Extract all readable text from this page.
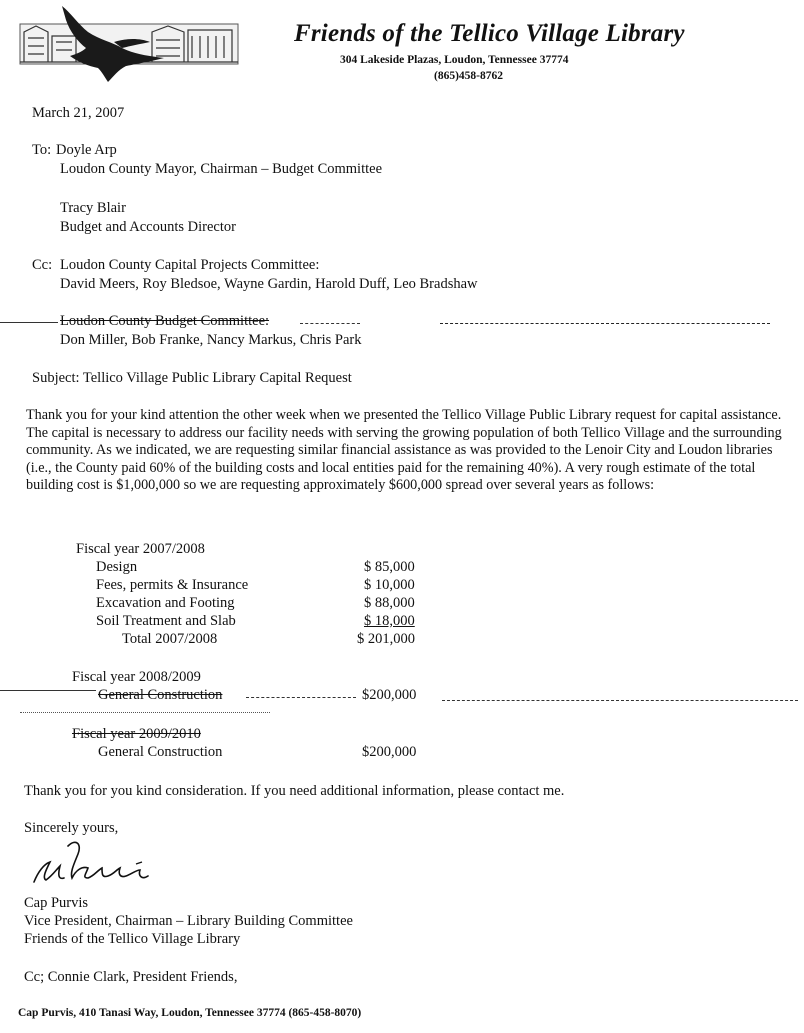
Friends of the Tellico Village Library
304 Lakeside Plazas, Loudon, Tennessee 37774
(865)458-8762
March 21, 2007
To: Doyle Arp
Loudon County Mayor, Chairman – Budget Committee
Tracy Blair
Budget and Accounts Director
Cc: Loudon County Capital Projects Committee:
David Meers, Roy Bledsoe, Wayne Gardin, Harold Duff, Leo Bradshaw
Loudon County Budget Committee:
Don Miller, Bob Franke, Nancy Markus, Chris Park
Subject: Tellico Village Public Library Capital Request
Thank you for your kind attention the other week when we presented the Tellico Village Public Library request for capital assistance. The capital is necessary to address our facility needs with serving the growing population of both Tellico Village and the surrounding community. As we indicated, we are requesting similar financial assistance as was provided to the Lenoir City and Loudon libraries (i.e., the County paid 60% of the building costs and local entities paid for the remaining 40%). A very rough estimate of the total building cost is $1,000,000 so we are requesting approximately $600,000 spread over several years as follows:
Fiscal year 2007/2008
Design	$ 85,000
Fees, permits & Insurance	$ 10,000
Excavation and Footing	$ 88,000
Soil Treatment and Slab	$ 18,000
Total 2007/2008	$ 201,000
Fiscal year 2008/2009
General Construction	$200,000
Fiscal year 2009/2010
General Construction	$200,000
Thank you for you kind consideration. If you need additional information, please contact me.
Sincerely yours,
Cap Purvis
Vice President, Chairman – Library Building Committee
Friends of the Tellico Village Library
Cc; Connie Clark, President Friends,
Cap Purvis, 410 Tanasi Way, Loudon, Tennessee 37774 (865-458-8070)
